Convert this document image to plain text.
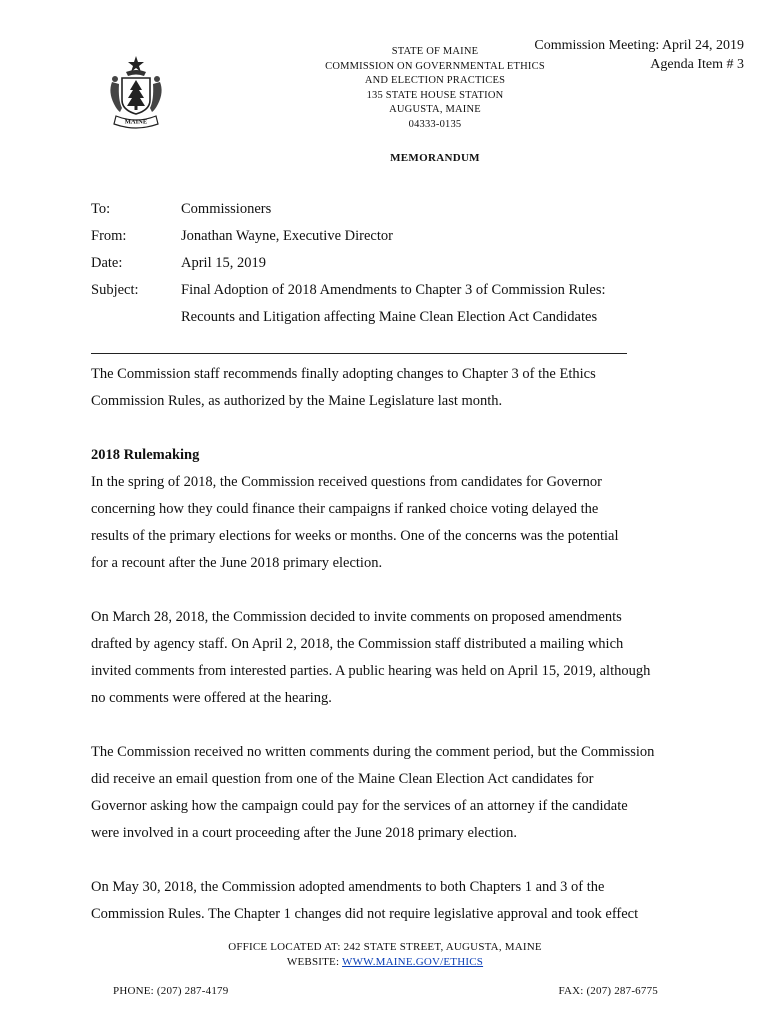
MAINE
STATE OF MAINE
COMMISSION ON GOVERNMENTAL ETHICS
AND ELECTION PRACTICES
135 STATE HOUSE STATION
AUGUSTA, MAINE
04333-0135
Commission Meeting: April 24, 2019
Agenda Item # 3
MEMORANDUM
To:	Commissioners
From:	Jonathan Wayne, Executive Director
Date:	April 15, 2019
Subject:	Final Adoption of 2018 Amendments to Chapter 3 of Commission Rules:
Recounts and Litigation affecting Maine Clean Election Act Candidates

The Commission staff recommends finally adopting changes to Chapter 3 of the Ethics
Commission Rules, as authorized by the Maine Legislature last month.

2018 Rulemaking

In the spring of 2018, the Commission received questions from candidates for Governor
concerning how they could finance their campaigns if ranked choice voting delayed the
results of the primary elections for weeks or months. One of the concerns was the potential
for a recount after the June 2018 primary election.

On March 28, 2018, the Commission decided to invite comments on proposed amendments
drafted by agency staff. On April 2, 2018, the Commission staff distributed a mailing which
invited comments from interested parties. A public hearing was held on April 15, 2019, although
no comments were offered at the hearing.

The Commission received no written comments during the comment period, but the Commission
did receive an email question from one of the Maine Clean Election Act candidates for
Governor asking how the campaign could pay for the services of an attorney if the candidate
were involved in a court proceeding after the June 2018 primary election.

On May 30, 2018, the Commission adopted amendments to both Chapters 1 and 3 of the
Commission Rules. The Chapter 1 changes did not require legislative approval and took effect

OFFICE LOCATED AT: 242 STATE STREET, AUGUSTA, MAINE
WEBSITE: WWW.MAINE.GOV/ETHICS
PHONE: (207) 287-4179	FAX: (207) 287-6775
